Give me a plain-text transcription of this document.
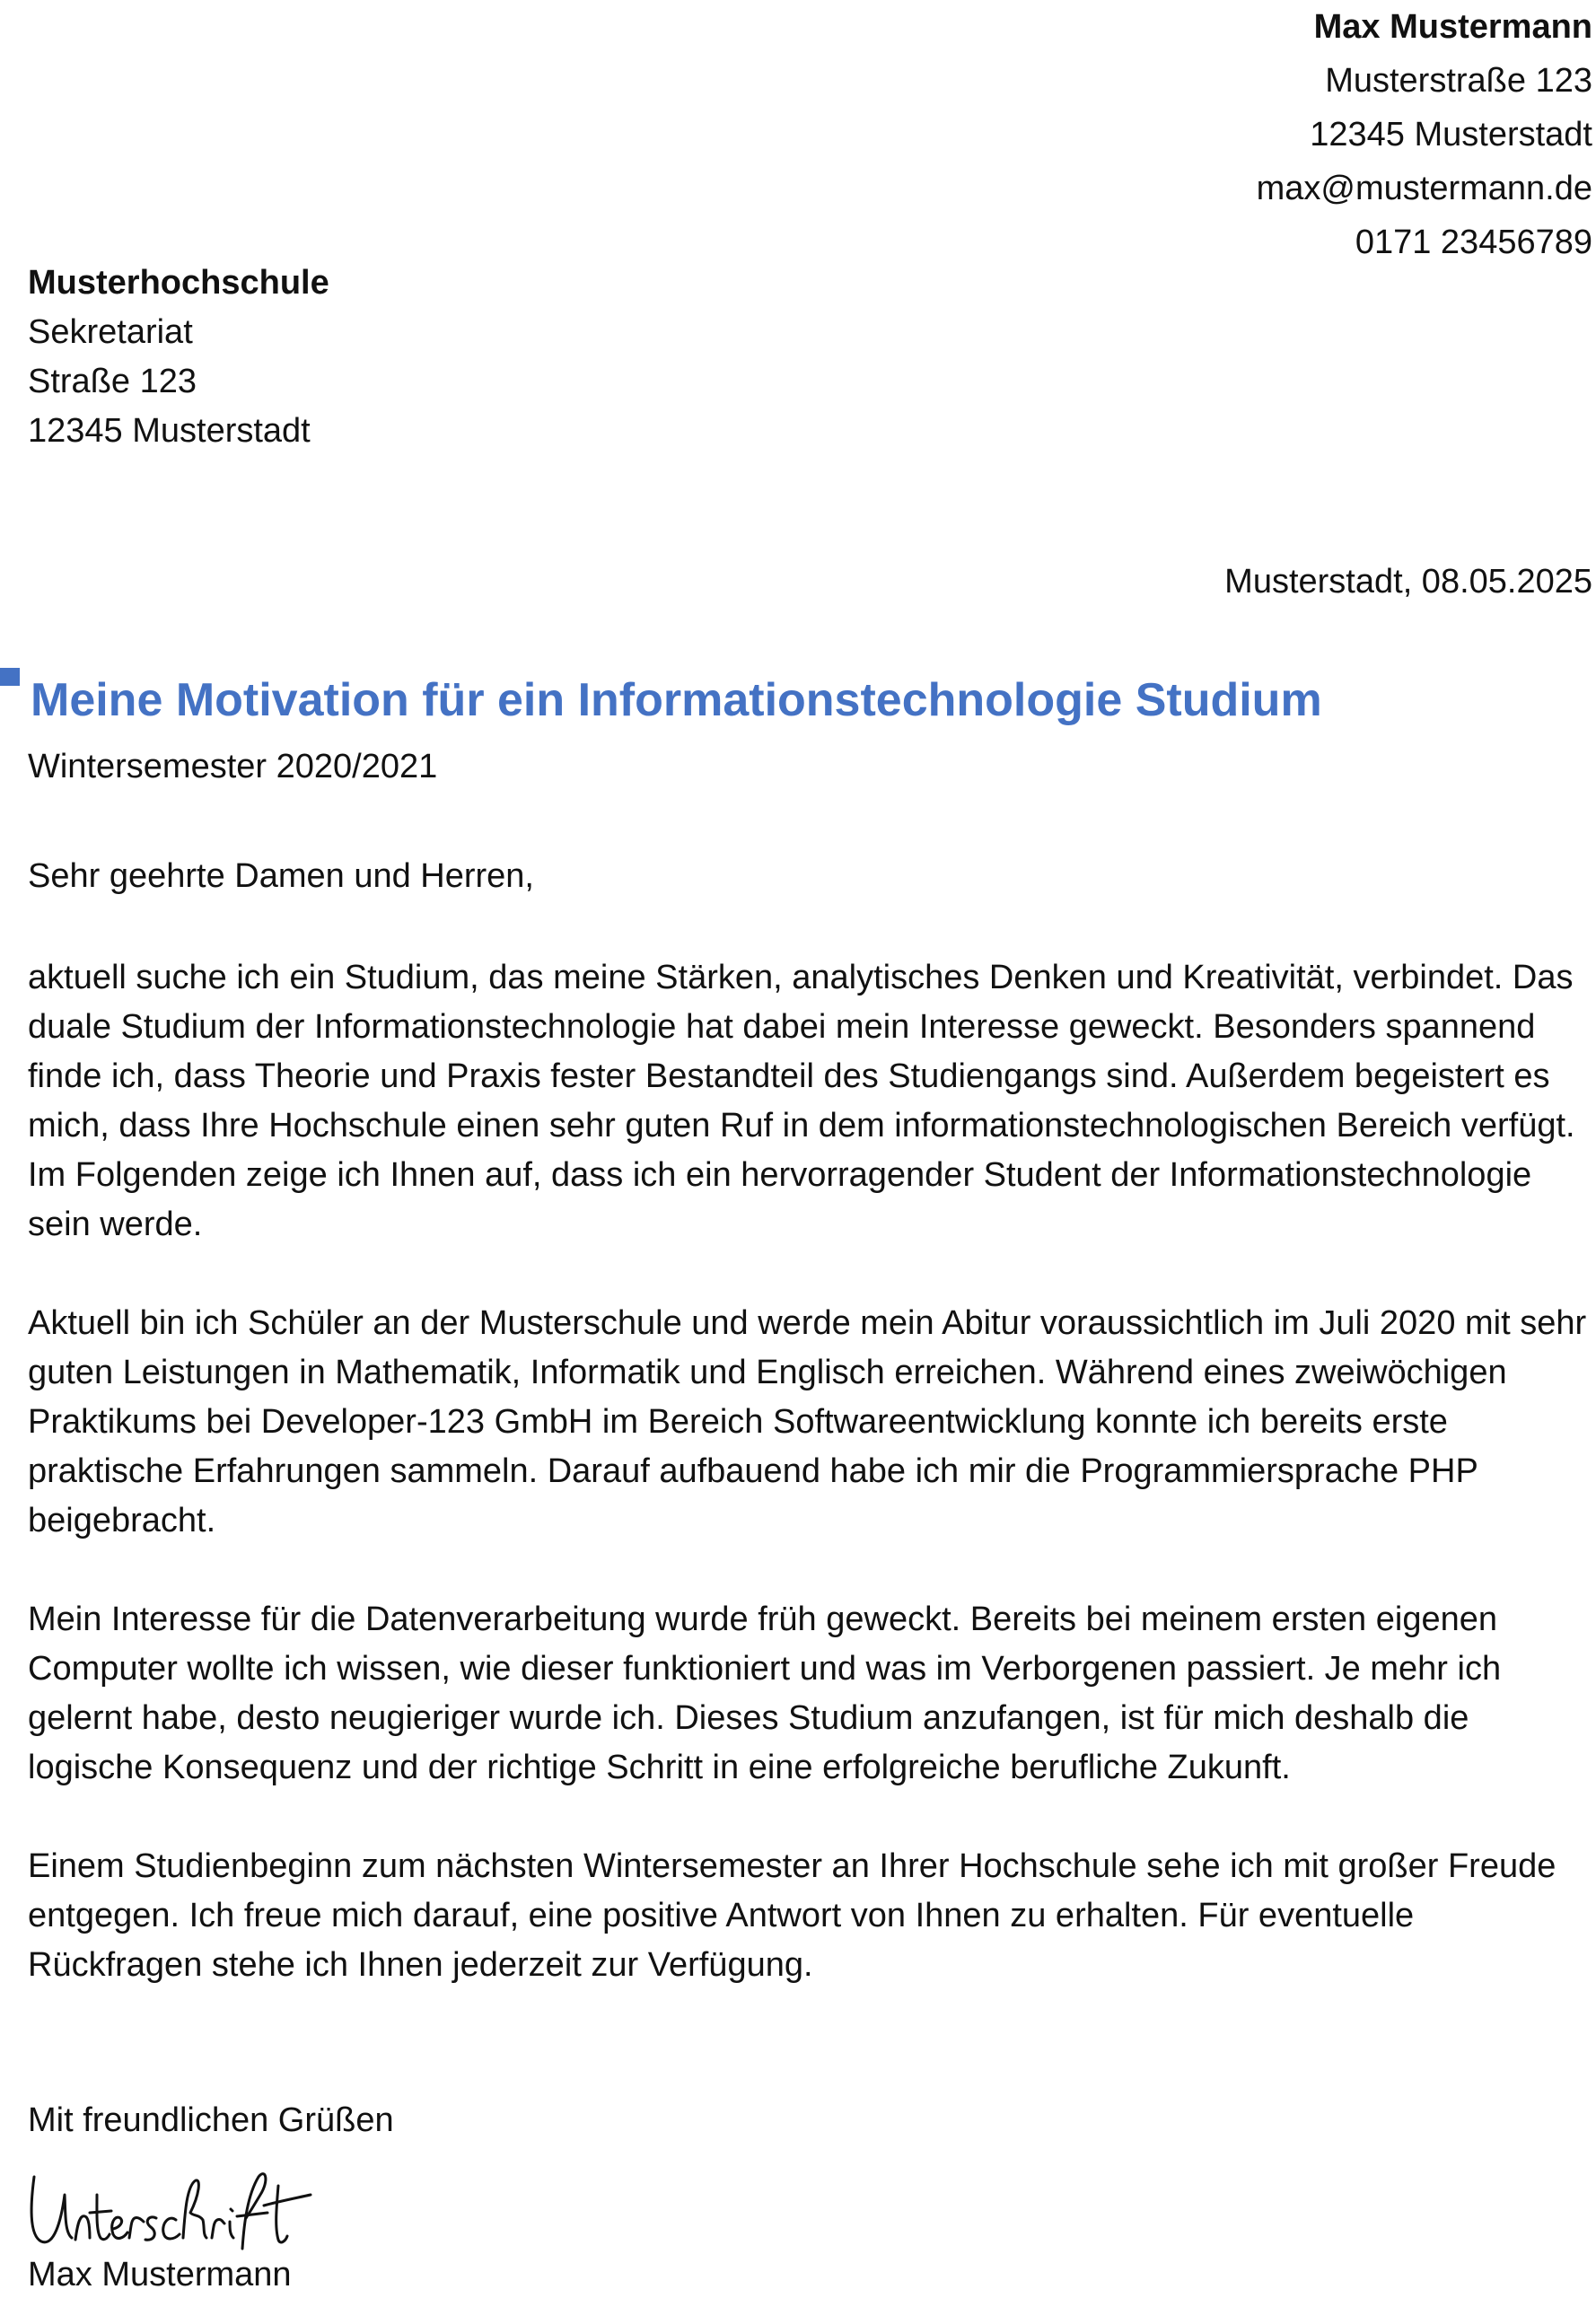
Max Mustermann
Musterstraße 123
12345 Musterstadt
max@mustermann.de
0171 23456789
Musterhochschule
Sekretariat
Straße 123
12345 Musterstadt
Musterstadt, 08.05.2025
Meine Motivation für ein Informationstechnologie Studium
Wintersemester 2020/2021
Sehr geehrte Damen und Herren,

aktuell suche ich ein Studium, das meine Stärken, analytisches Denken und Kreativität, verbindet. Das duale Studium der Informationstechnologie hat dabei mein Interesse geweckt. Besonders spannend finde ich, dass Theorie und Praxis fester Bestandteil des Studiengangs sind. Außerdem begeistert es mich, dass Ihre Hochschule einen sehr guten Ruf in dem informationstechnologischen Bereich verfügt. Im Folgenden zeige ich Ihnen auf, dass ich ein hervorragender Student der Informationstechnologie sein werde.

Aktuell bin ich Schüler an der Musterschule und werde mein Abitur voraussichtlich im Juli 2020 mit sehr guten Leistungen in Mathematik, Informatik und Englisch erreichen. Während eines zweiwöchigen Praktikums bei Developer-123 GmbH im Bereich Softwareentwicklung konnte ich bereits erste praktische Erfahrungen sammeln. Darauf aufbauend habe ich mir die Programmiersprache PHP beigebracht.

Mein Interesse für die Datenverarbeitung wurde früh geweckt. Bereits bei meinem ersten eigenen Computer wollte ich wissen, wie dieser funktioniert und was im Verborgenen passiert. Je mehr ich gelernt habe, desto neugieriger wurde ich. Dieses Studium anzufangen, ist für mich deshalb die logische Konsequenz und der richtige Schritt in eine erfolgreiche berufliche Zukunft.

Einem Studienbeginn zum nächsten Wintersemester an Ihrer Hochschule sehe ich mit großer Freude entgegen. Ich freue mich darauf, eine positive Antwort von Ihnen zu erhalten. Für eventuelle Rückfragen stehe ich Ihnen jederzeit zur Verfügung.

Mit freundlichen Grüßen
Max Mustermann
